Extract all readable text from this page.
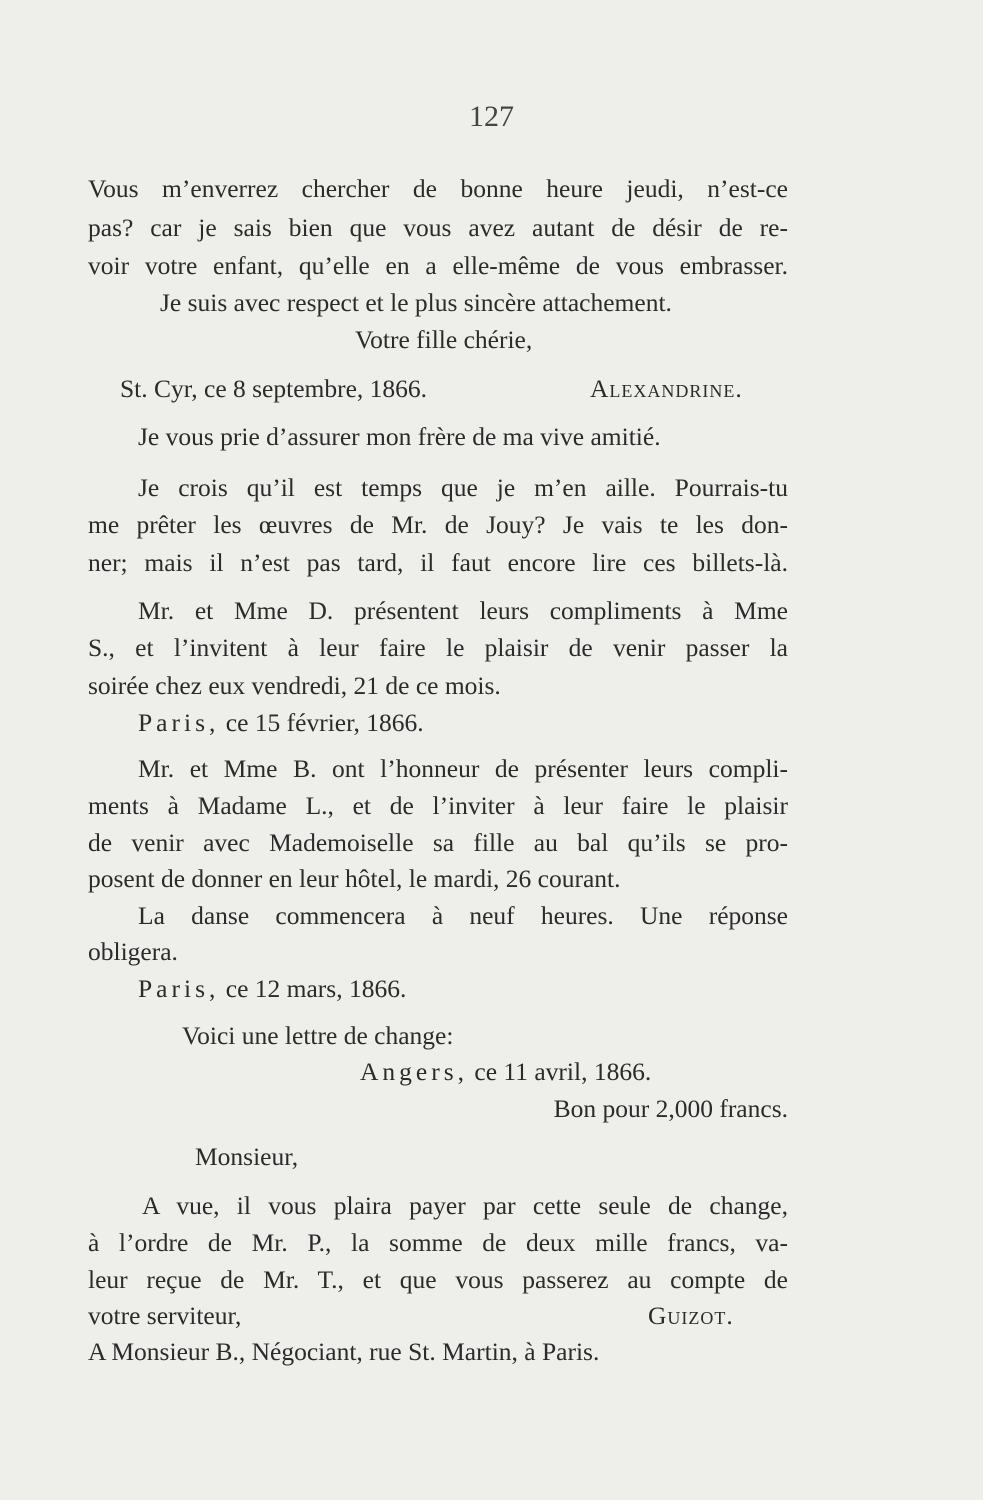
127
Vous m’enverrez chercher de bonne heure jeudi, n’est-ce
pas? car je sais bien que vous avez autant de désir de re-
voir votre enfant, qu’elle en a elle-même de vous embrasser.
Je suis avec respect et le plus sincère attachement.
Votre fille chérie,
St. Cyr, ce 8 septembre, 1866.	Alexandrine.
Je vous prie d’assurer mon frère de ma vive amitié.
Je crois qu’il est temps que je m’en aille. Pourrais-tu
me prêter les œuvres de Mr. de Jouy? Je vais te les don-
ner; mais il n’est pas tard, il faut encore lire ces billets-là.
Mr. et Mme D. présentent leurs compliments à Mme
S., et l’invitent à leur faire le plaisir de venir passer la
soirée chez eux vendredi, 21 de ce mois.
Paris, ce 15 février, 1866.
Mr. et Mme B. ont l’honneur de présenter leurs compli-
ments à Madame L., et de l’inviter à leur faire le plaisir
de venir avec Mademoiselle sa fille au bal qu’ils se pro-
posent de donner en leur hôtel, le mardi, 26 courant.
La danse commencera à neuf heures. Une réponse
obligera.
Paris, ce 12 mars, 1866.
Voici une lettre de change:
Angers, ce 11 avril, 1866.
Bon pour 2,000 francs.
Monsieur,
A vue, il vous plaira payer par cette seule de change,
à l’ordre de Mr. P., la somme de deux mille francs, va-
leur reçue de Mr. T., et que vous passerez au compte de
votre serviteur,	Guizot.
A Monsieur B., Négociant, rue St. Martin, à Paris.
